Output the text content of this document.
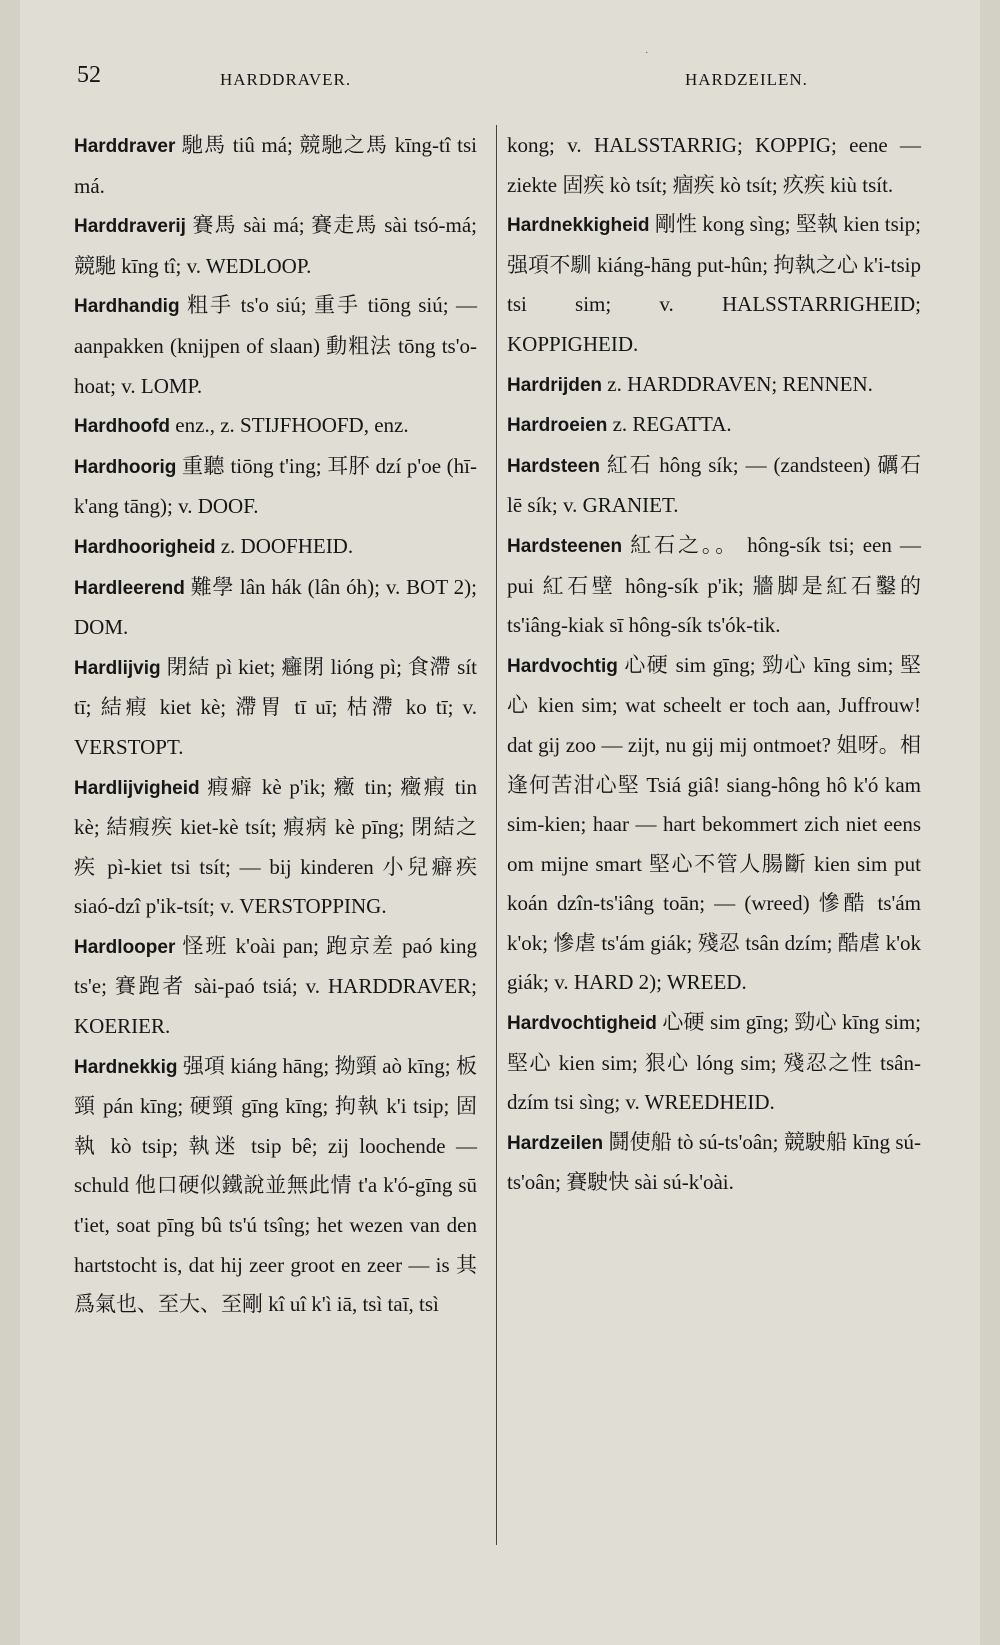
52	HARDDRAVER.	HARDZEILEN.
·

Harddraver 馳馬 tiû má; 競馳之馬 kīng-tî tsi má.

Harddraverij 賽馬 sài má; 賽走馬 sài tsó-má; 競馳 kīng tî; v. WEDLOOP.

Hardhandig 粗手 ts'o siú; 重手 tiōng siú; — aanpakken (knijpen of slaan) 動粗法 tōng ts'o-hoat; v. LOMP.

Hardhoofd enz., z. STIJFHOOFD, enz.

Hardhoorig 重聽 tiōng t'ing; 耳肧 dzí p'oe (hī-k'ang tāng); v. DOOF.

Hardhoorigheid z. DOOFHEID.

Hardleerend 難學 lân hák (lân óh); v. BOT 2); DOM.

Hardlijvig 閉結 pì kiet; 癰閉 lióng pì; 食滯 sít tī; 結瘕 kiet kè; 滯胃 tī uī; 枯滯 ko tī; v. VERSTOPT.

Hardlijvigheid 瘕癖 kè p'ik; 癥 tin; 癥瘕 tin kè; 結瘕疾 kiet-kè tsít; 瘕病 kè pīng; 閉結之疾 pì-kiet tsi tsít; — bij kinderen 小兒癖疾 siaó-dzî p'ik-tsít; v. VERSTOPPING.

Hardlooper 怪班 k'oài pan; 跑京差 paó king ts'e; 賽跑者 sài-paó tsiá; v. HARDDRAVER; KOERIER.

Hardnekkig 强項 kiáng hāng; 拗頸 aò kīng; 板頸 pán kīng; 硬頸 gīng kīng; 拘執 k'i tsip; 固執 kò tsip; 執迷 tsip bê; zij loochende — schuld 他口硬似鐵說並無此情 t'a k'ó-gīng sū t'iet, soat pīng bû ts'ú tsîng; het wezen van den hartstocht is, dat hij zeer groot en zeer — is 其爲氣也、至大、至剛 kî uî k'ì iā, tsì taī, tsì

kong; v. HALSSTARRIG; KOPPIG; eene — ziekte 固疾 kò tsít; 痼疾 kò tsít; 疚疾 kiù tsít.

Hardnekkigheid 剛性 kong sìng; 堅執 kien tsip; 强項不馴 kiáng-hāng put-hûn; 拘執之心 k'i-tsip tsi sim; v. HALSSTARRIGHEID; KOPPIGHEID.

Hardrijden z. HARDDRAVEN; RENNEN.

Hardroeien z. REGATTA.

Hardsteen 紅石 hông sík; — (zandsteen) 礪石 lē sík; v. GRANIET.

Hardsteenen 紅石之。。 hông-sík tsi; een — pui 紅石壁 hông-sík p'ik; 牆脚是紅石鑿的 ts'iâng-kiak sī hông-sík ts'ók-tik.

Hardvochtig 心硬 sim gīng; 勁心 kīng sim; 堅心 kien sim; wat scheelt er toch aan, Juffrouw! dat gij zoo — zijt, nu gij mij ontmoet? 姐呀。相逢何苦泔心堅 Tsiá giâ! siang-hông hô k'ó kam sim-kien; haar — hart bekommert zich niet eens om mijne smart 堅心不管人腸斷 kien sim put koán dzîn-ts'iâng toān; — (wreed) 慘酷 ts'ám k'ok; 慘虐 ts'ám giák; 殘忍 tsân dzím; 酷虐 k'ok giák; v. HARD 2); WREED.

Hardvochtigheid 心硬 sim gīng; 勁心 kīng sim; 堅心 kien sim; 狠心 lóng sim; 殘忍之性 tsân-dzím tsi sìng; v. WREEDHEID.

Hardzeilen 鬪使船 tò sú-ts'oân; 競駛船 kīng sú-ts'oân; 賽駛快 sài sú-k'oài.
